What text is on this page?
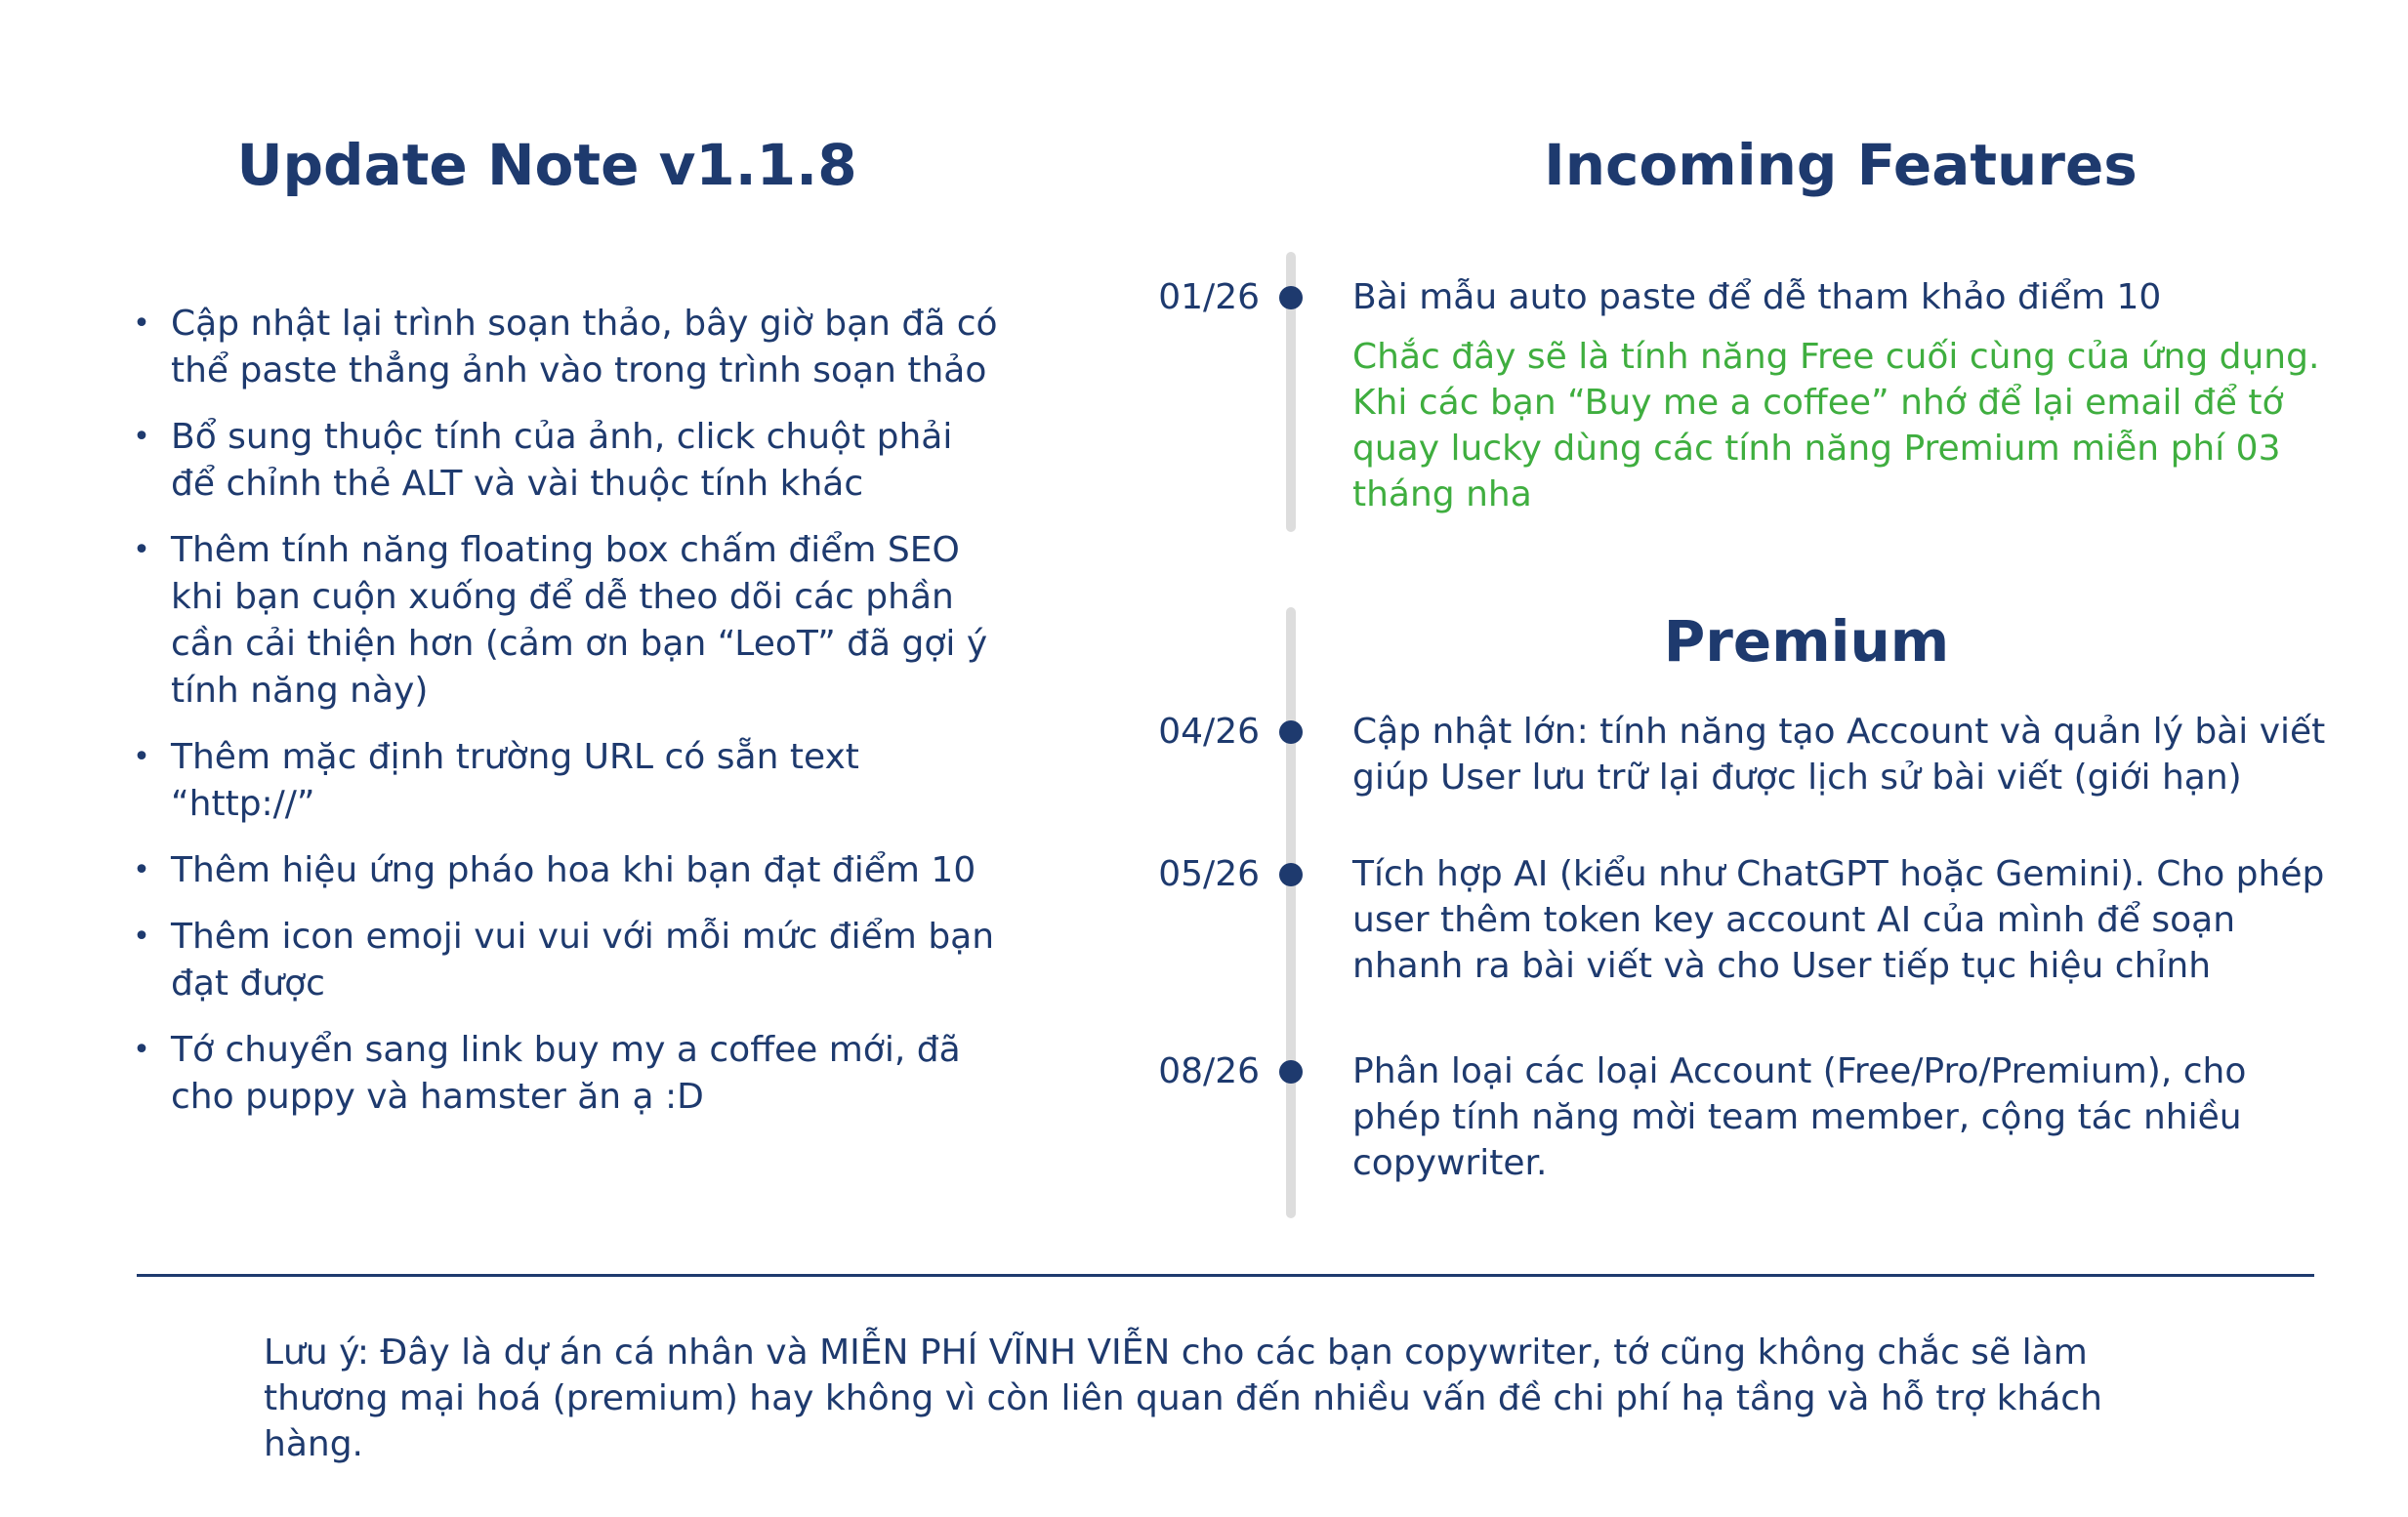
Update Note v1.1.8
• Cập nhật lại trình soạn thảo, bây giờ bạn đã có thể paste thẳng ảnh vào trong trình soạn thảo
• Bổ sung thuộc tính của ảnh, click chuột phải để chỉnh thẻ ALT và vài thuộc tính khác
• Thêm tính năng floating box chấm điểm SEO khi bạn cuộn xuống để dễ theo dõi các phần cần cải thiện hơn (cảm ơn bạn “LeoT” đã gợi ý tính năng này)
• Thêm mặc định trường URL có sẵn text “http://”
• Thêm hiệu ứng pháo hoa khi bạn đạt điểm 10
• Thêm icon emoji vui vui với mỗi mức điểm bạn đạt được
• Tớ chuyển sang link buy my a coffee mới, đã cho puppy và hamster ăn ạ :D
Incoming Features
01/26	Bài mẫu auto paste để dễ tham khảo điểm 10
Chắc đây sẽ là tính năng Free cuối cùng của ứng dụng. Khi các bạn “Buy me a coffee” nhớ để lại email để tớ quay lucky dùng các tính năng Premium miễn phí 03 tháng nha
Premium
04/26	Cập nhật lớn: tính năng tạo Account và quản lý bài viết giúp User lưu trữ lại được lịch sử bài viết (giới hạn)
05/26	Tích hợp AI (kiểu như ChatGPT hoặc Gemini). Cho phép user thêm token key account AI của mình để soạn nhanh ra bài viết và cho User tiếp tục hiệu chỉnh
08/26	Phân loại các loại Account (Free/Pro/Premium), cho phép tính năng mời team member, cộng tác nhiều copywriter.
Lưu ý: Đây là dự án cá nhân và MIỄN PHÍ VĨNH VIỄN cho các bạn copywriter, tớ cũng không chắc sẽ làm thương mại hoá (premium) hay không vì còn liên quan đến nhiều vấn đề chi phí hạ tầng và hỗ trợ khách hàng.
